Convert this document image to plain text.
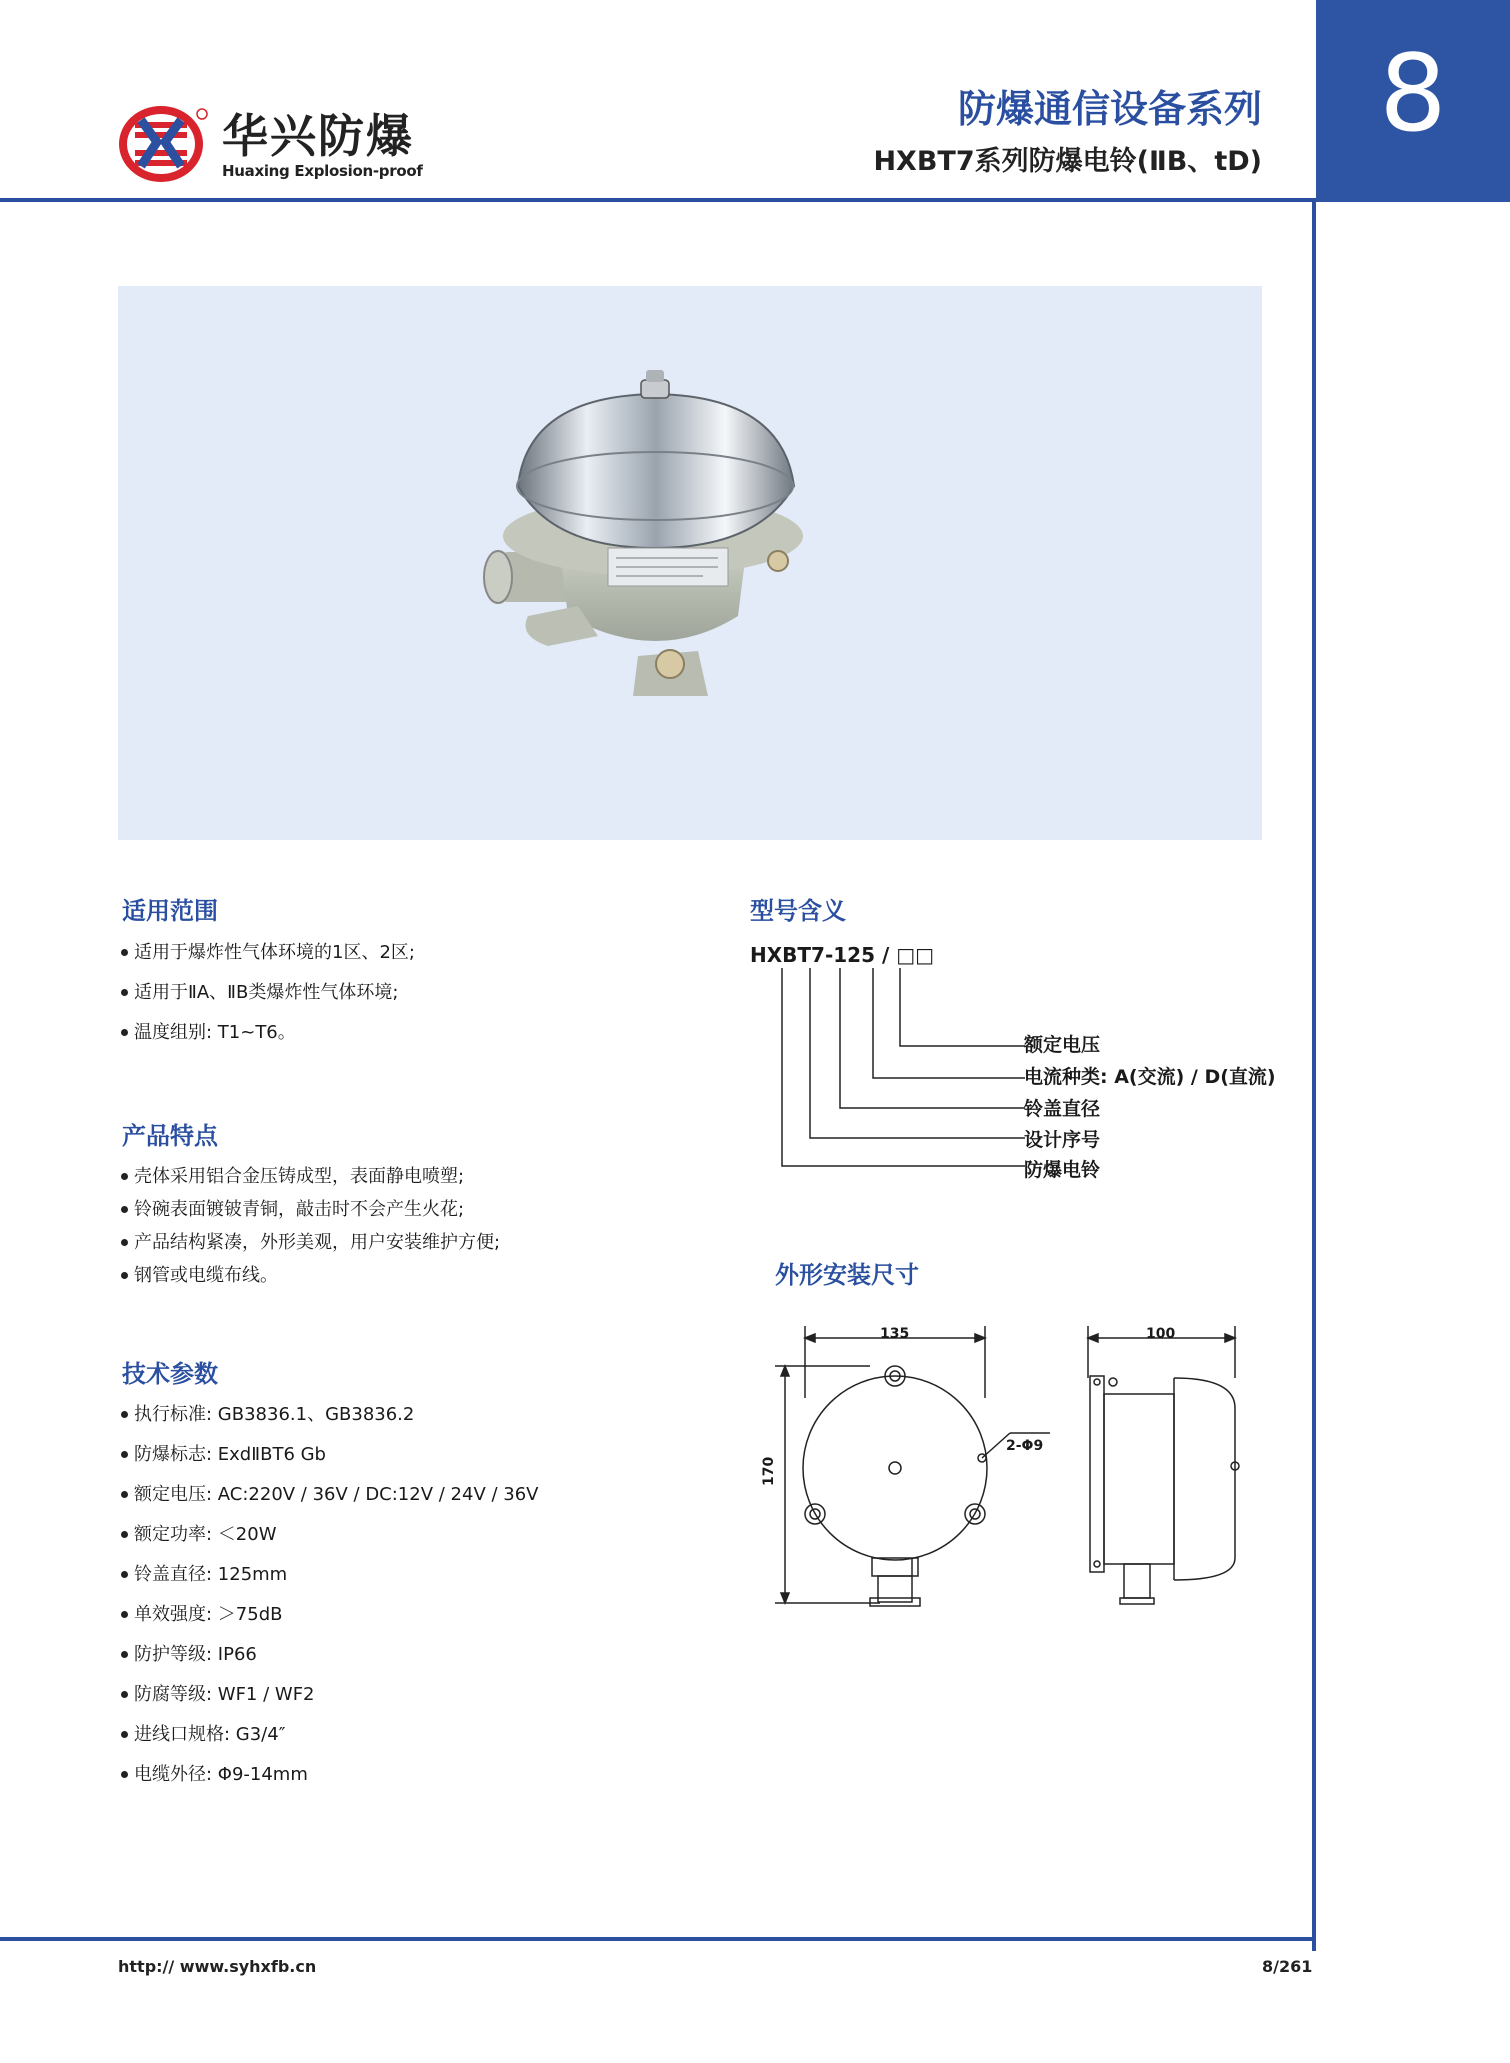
8
华兴防爆
Huaxing Explosion-proof
防爆通信设备系列
HXBT7系列防爆电铃(ⅡB、tD)
适用范围
适用于爆炸性气体环境的1区、2区;
适用于ⅡA、ⅡB类爆炸性气体环境;
温度组别: T1~T6。
产品特点
壳体采用铝合金压铸成型，表面静电喷塑;
铃碗表面镀铍青铜，敲击时不会产生火花;
产品结构紧凑，外形美观，用户安装维护方便;
钢管或电缆布线。
技术参数
执行标准: GB3836.1、GB3836.2
防爆标志: ExdⅡBT6 Gb
额定电压: AC:220V / 36V / DC:12V / 24V / 36V
额定功率: ＜20W
铃盖直径: 125mm
单效强度: ＞75dB
防护等级: IP66
防腐等级: WF1 / WF2
进线口规格: G3/4″
电缆外径: Φ9-14mm
型号含义
HXBT7-125 / □□
额定电压
电流种类: A(交流) / D(直流)
铃盖直径
设计序号
防爆电铃
外形安装尺寸
135
170
100
2-Φ9
http:// www.syhxfb.cn	8/261
